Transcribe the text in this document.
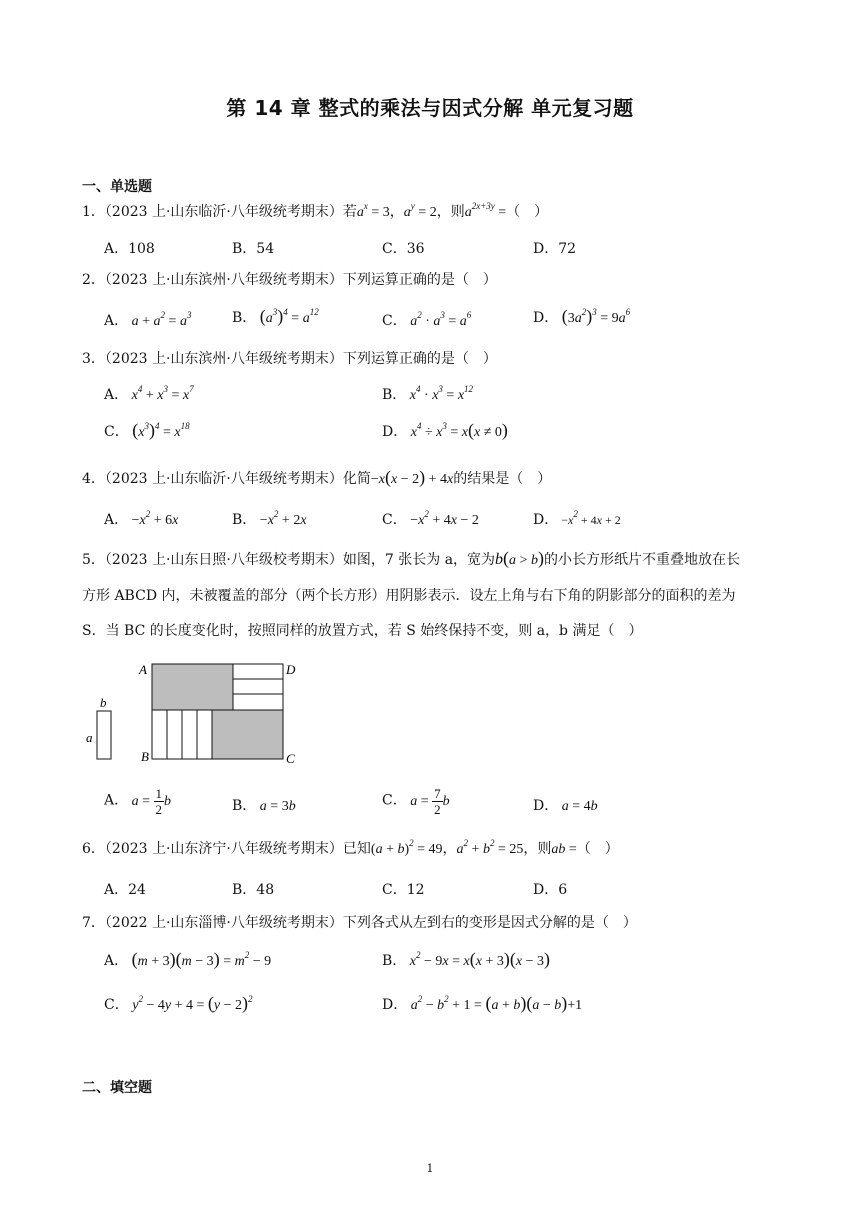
第 14 章 整式的乘法与因式分解 单元复习题
一、单选题
1．（2023 上·山东临沂·八年级统考期末）若$a^x = 3$，$a^y = 2$，则$a^{2x+3y}$ =（　）
A．108	B．54	C．36	D．72
2．（2023 上·山东滨州·八年级统考期末）下列运算正确的是（　）
A． $a + a^2 = a^3$	B． $(a^3)^4 = a^{12}$
C． $a^2 \cdot a^3 = a^6$	D． $(3a^2)^3 = 9a^6$
3．（2023 上·山东滨州·八年级统考期末）下列运算正确的是（　）
A． $x^4 + x^3 = x^7$	B． $x^4 \cdot x^3 = x^{12}$
C． $(x^3)^4 = x^{18}$	D． $x^4 \div x^3 = x(x \ne 0)$
4．（2023 上·山东临沂·八年级统考期末）化简−x(x − 2) + 4x的结果是（　）
A． $-x^2 + 6x$	B． $-x^2 + 2x$	C． $-x^2 + 4x - 2$	D． $-x^2 + 4x + 2$
5．（2023 上·山东日照·八年级校考期末）如图，7 张长为 a，宽为b(a > b)的小长方形纸片不重叠地放在长
方形 ABCD 内，未被覆盖的部分（两个长方形）用阴影表示．设左上角与右下角的阴影部分的面积的差为
S．当 BC 的长度变化时，按照同样的放置方式，若 S 始终保持不变，则 a，b 满足（　）
b
a
A	D
B	C
A． $a = \frac{1}{2}$ b	B． a = 3b	C． $a = \frac{7}{2}$ b	D． a = 4b
6．（2023 上·山东济宁·八年级统考期末）已知$(a + b)^2 = 49$，$a^2 + b^2 = 25$，则ab =（　）
A．24	B．48	C．12	D．6
7．（2022 上·山东淄博·八年级统考期末）下列各式从左到右的变形是因式分解的是（　）
A． $(m + 3)(m - 3) = m^2 - 9$	B． $x^2 - 9x = x(x + 3)(x - 3)$
C． $y^2 - 4y + 4 = (y - 2)^2$	D． $a^2 - b^2 + 1 = (a + b)(a - b)+1$
二、填空题
1
